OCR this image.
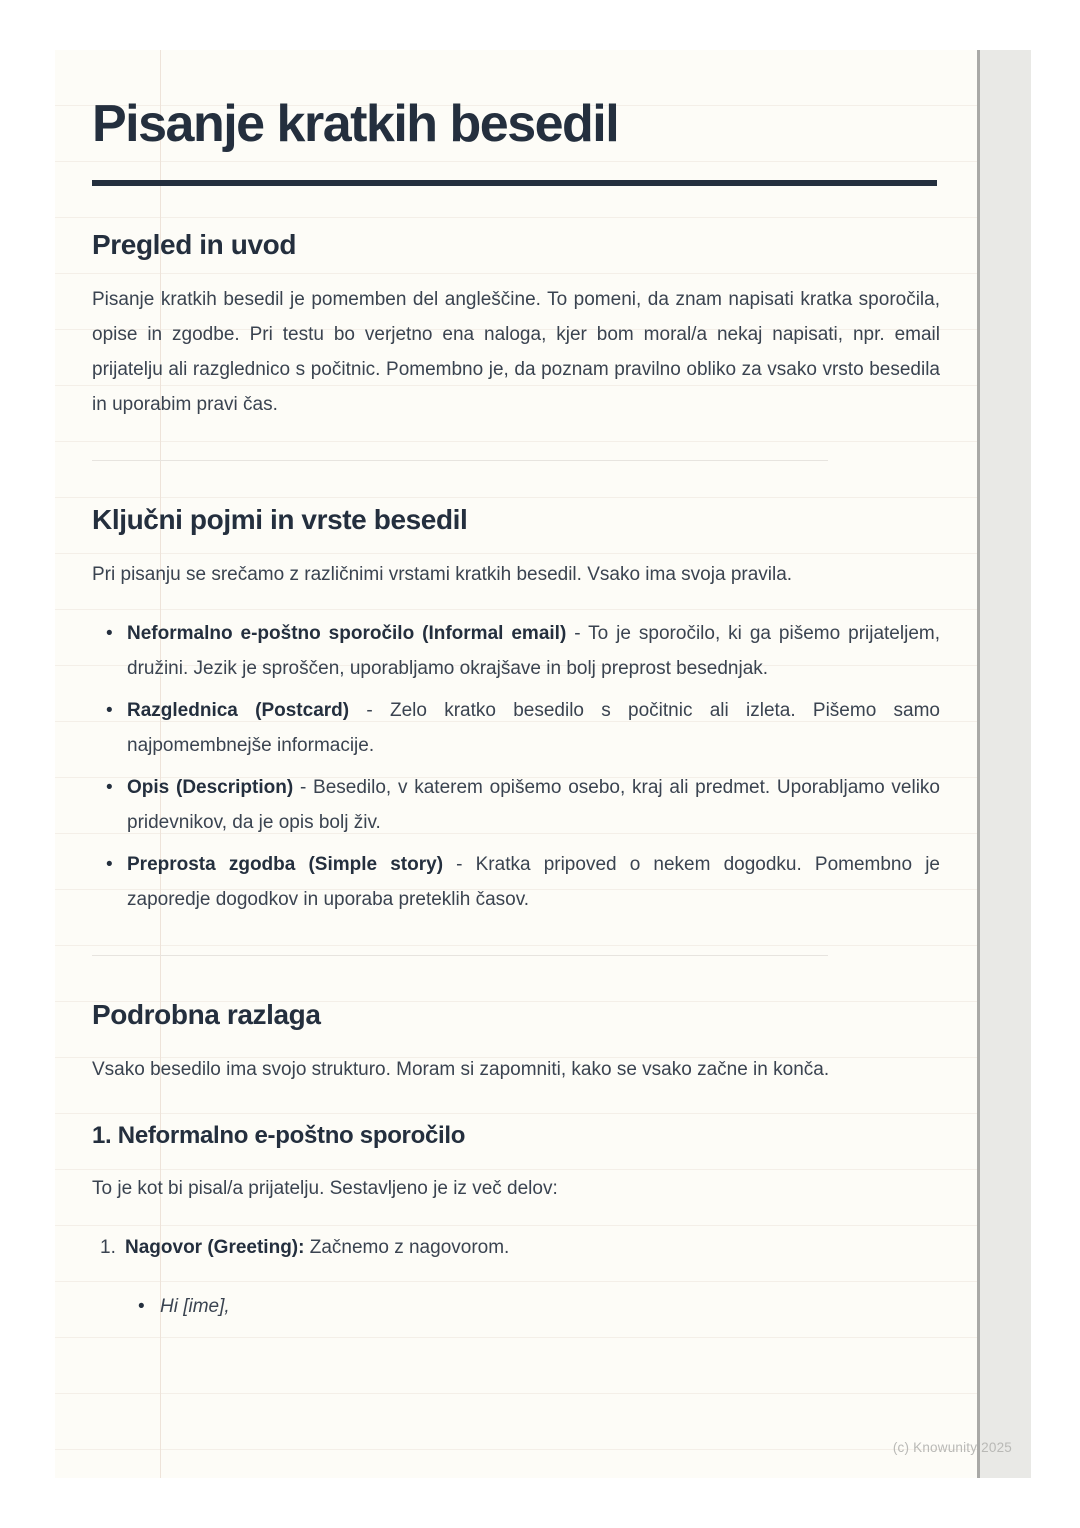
Pisanje kratkih besedil
Pregled in uvod

Pisanje kratkih besedil je pomemben del angleščine. To pomeni, da znam napisati kratka sporočila, opise in zgodbe. Pri testu bo verjetno ena naloga, kjer bom moral/a nekaj napisati, npr. email prijatelju ali razglednico s počitnic. Pomembno je, da poznam pravilno obliko za vsako vrsto besedila in uporabim pravi čas.

Ključni pojmi in vrste besedil

Pri pisanju se srečamo z različnimi vrstami kratkih besedil. Vsako ima svoja pravila.

• Neformalno e-poštno sporočilo (Informal email) - To je sporočilo, ki ga pišemo prijateljem, družini. Jezik je sproščen, uporabljamo okrajšave in bolj preprost besednjak.
• Razglednica (Postcard) - Zelo kratko besedilo s počitnic ali izleta. Pišemo samo najpomembnejše informacije.
• Opis (Description) - Besedilo, v katerem opišemo osebo, kraj ali predmet. Uporabljamo veliko pridevnikov, da je opis bolj živ.
• Preprosta zgodba (Simple story) - Kratka pripoved o nekem dogodku. Pomembno je zaporedje dogodkov in uporaba preteklih časov.
Podrobna razlaga

Vsako besedilo ima svojo strukturo. Moram si zapomniti, kako se vsako začne in konča.

1. Neformalno e-poštno sporočilo

To je kot bi pisal/a prijatelju. Sestavljeno je iz več delov:

1. Nagovor (Greeting): Začnemo z nagovorom.
• Hi [ime],
(c) Knowunity 2025
